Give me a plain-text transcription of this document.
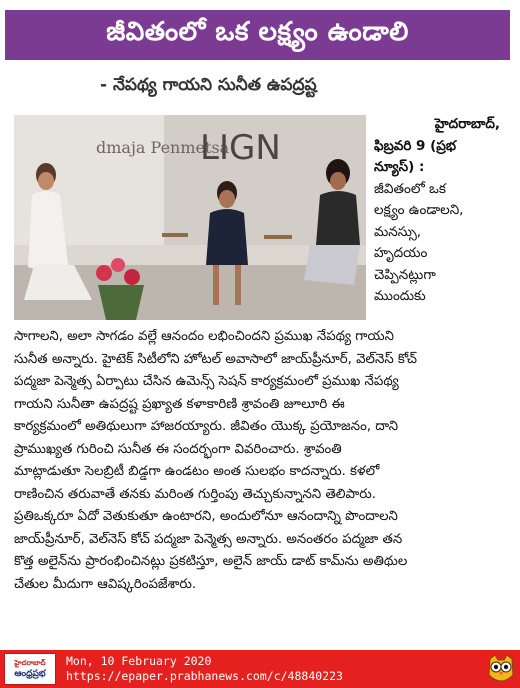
జీవితంలో ఒక లక్ష్యం ఉండాలి
- నేపథ్య గాయని సునీత ఉపద్రష్ట
dmaja Penmetsa
LIGN
హైదరాబాద్,
ఫిబ్రవరి 9 (ప్రభ
న్యూస్) :
జీవితంలో ఒక
లక్ష్యం ఉండాలని,
మనస్సు,
హృదయం
చెప్పినట్లుగా
ముందుకు
సాగాలని, అలా సాగడం వల్లే ఆనందం లభించిందని ప్రముఖ నేపథ్య గాయని
సునీత అన్నారు. హైటెక్ సిటీలోని హోటల్ అవాసాలో జాయ్‌ప్రీనూర్, వెల్‌నెస్ కోచ్
పద్మజా పెన్మెత్స ఏర్పాటు చేసిన ఉమెన్స్ సెషన్ కార్యక్రమంలో ప్రముఖ నేపథ్య
గాయని సునీతా ఉపద్రష్ట ప్రఖ్యాత కళాకారిణి శ్రావంతి జూలూరి ఈ
కార్యక్రమంలో అతిథులుగా హాజరయ్యారు. జీవితం యొక్క ప్రయోజనం, దాని
ప్రాముఖ్యత గురించి సునీత ఈ సందర్భంగా వివరించారు. శ్రావంతి
మాట్లాడుతూ సెలబ్రిటీ బిడ్డగా ఉండటం అంత సులభం కాదన్నారు. కళలో
రాణించిన తరువాతే తనకు మరింత గుర్తింపు తెచ్చుకున్నానని తెలిపారు.
ప్రతిఒక్కరూ ఏదో వెతుకుతూ ఉంటారని, అందులోనూ ఆనందాన్ని పొందాలని
జాయ్‌ప్రీనూర్, వెల్‌నెస్ కోచ్ పద్మజా పెన్మెత్స అన్నారు. అనంతరం పద్మజా తన
కొత్త అలైన్‌ను ప్రారంభించినట్లు ప్రకటిస్తూ, అలైన్ జాయ్ డాట్ కామ్‌ను అతిథుల
చేతుల మీదుగా ఆవిష్కరింపజేశారు.
హైదరాబాద్
ఆంధ్రప్రభ
Mon, 10 February 2020
https://epaper.prabhanews.com/c/48840223
